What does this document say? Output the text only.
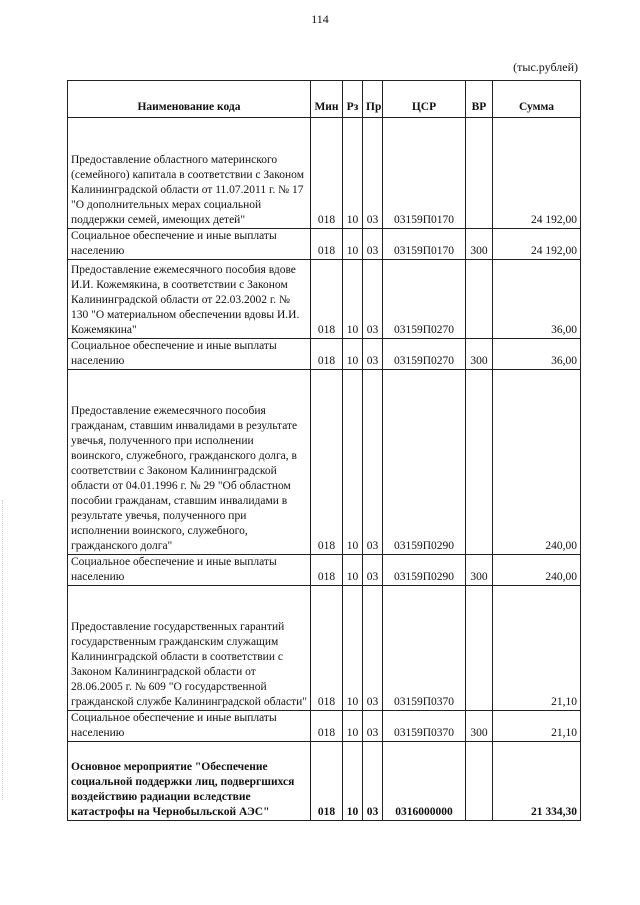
114
(тыс.рублей)
Наименование кода	Мин	Рз	Пр	ЦСР	ВР	Сумма
Предоставление областного материнского (семейного) капитала в соответствии с Законом Калининградской области от 11.07.2011 г. № 17 "О дополнительных мерах социальной поддержки семей, имеющих детей"	018	10	03	03159П0170		24 192,00
Социальное обеспечение и иные выплаты населению	018	10	03	03159П0170	300	24 192,00
Предоставление ежемесячного пособия вдове И.И. Кожемякина, в соответствии с Законом Калининградской области от 22.03.2002 г. № 130 "О материальном обеспечении вдовы И.И. Кожемякина"	018	10	03	03159П0270		36,00
Социальное обеспечение и иные выплаты населению	018	10	03	03159П0270	300	36,00
Предоставление ежемесячного пособия гражданам, ставшим инвалидами в результате увечья, полученного при исполнении воинского, служебного, гражданского долга, в соответствии с Законом Калининградской области от 04.01.1996 г. № 29 "Об областном пособии гражданам, ставшим инвалидами в результате увечья, полученного при исполнении воинского, служебного, гражданского долга"	018	10	03	03159П0290		240,00
Социальное обеспечение и иные выплаты населению	018	10	03	03159П0290	300	240,00
Предоставление государственных гарантий государственным гражданским служащим Калининградской области в соответствии с Законом Калининградской области от 28.06.2005 г. № 609 "О государственной гражданской службе Калининградской области"	018	10	03	03159П0370		21,10
Социальное обеспечение и иные выплаты населению	018	10	03	03159П0370	300	21,10
Основное мероприятие "Обеспечение социальной поддержки лиц, подвергшихся воздействию радиации вследствие катастрофы на Чернобыльской АЭС"	018	10	03	0316000000		21 334,30
